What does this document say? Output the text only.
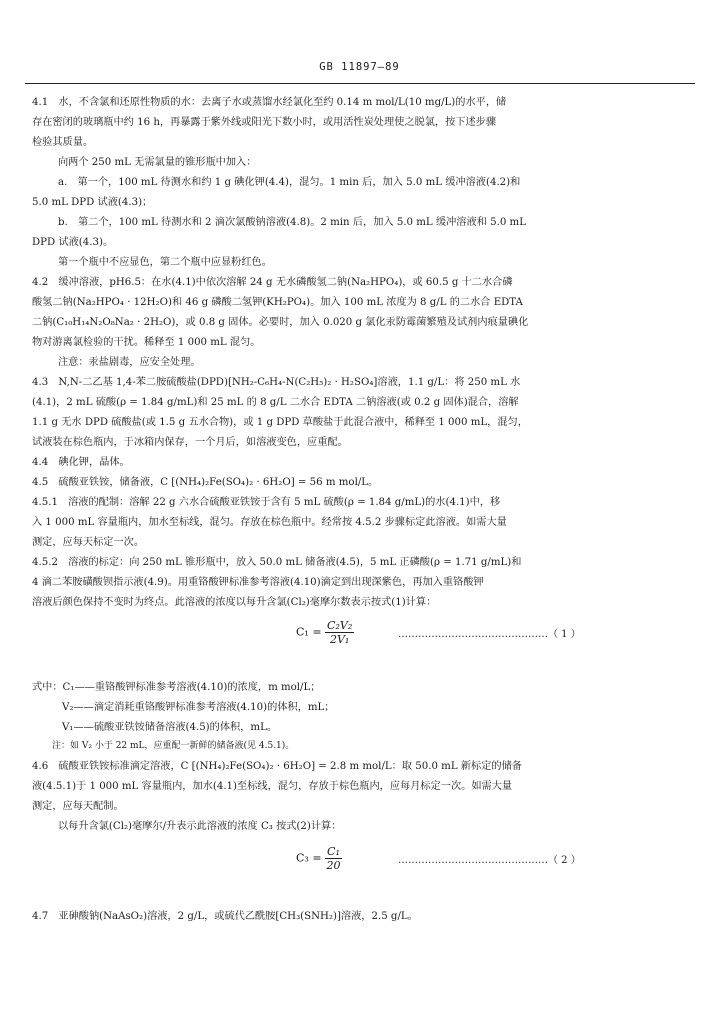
GB 11897—89
4.1　水，不含氯和还原性物质的水：去离子水或蒸馏水经氯化至约 0.14 m mol/L(10 mg/L)的水平，储
存在密闭的玻璃瓶中约 16 h，再暴露于紫外线或阳光下数小时，或用活性炭处理使之脱氯，按下述步骤
检验其质量。
向两个 250 mL 无需氯量的锥形瓶中加入：
a.　第一个，100 mL 待测水和约 1 g 碘化钾(4.4)，混匀。1 min 后，加入 5.0 mL 缓冲溶液(4.2)和
5.0 mL DPD 试液(4.3)；
b.　第二个，100 mL 待测水和 2 滴次氯酸钠溶液(4.8)。2 min 后，加入 5.0 mL 缓冲溶液和 5.0 mL
DPD 试液(4.3)。
第一个瓶中不应显色，第二个瓶中应显粉红色。
4.2　缓冲溶液，pH6.5：在水(4.1)中依次溶解 24 g 无水磷酸氢二钠(Na₂HPO₄)，或 60.5 g 十二水合磷
酸氢二钠(Na₂HPO₄ · 12H₂O)和 46 g 磷酸二氢钾(KH₂PO₄)。加入 100 mL 浓度为 8 g/L 的二水合 EDTA
二钠(C₁₀H₁₄N₂O₈Na₂ · 2H₂O)，或 0.8 g 固体。必要时，加入 0.020 g 氯化汞防霉菌繁殖及试剂内痕量碘化
物对游离氯检验的干扰。稀释至 1 000 mL 混匀。
注意：汞盐剧毒，应安全处理。
4.3　N,N-二乙基 1,4-苯二胺硫酸盐(DPD)[NH₂-C₆H₄-N(C₂H₅)₂ · H₂SO₄]溶液，1.1 g/L：将 250 mL 水
(4.1)，2 mL 硫酸(ρ = 1.84 g/mL)和 25 mL 的 8 g/L 二水合 EDTA 二钠溶液(或 0.2 g 固体)混合，溶解
1.1 g 无水 DPD 硫酸盐(或 1.5 g 五水合物)，或 1 g DPD 草酸盐于此混合液中，稀释至 1 000 mL，混匀，
试液装在棕色瓶内，于冰箱内保存，一个月后，如溶液变色，应重配。
4.4　碘化钾，晶体。
4.5　硫酸亚铁铵，储备液，C [(NH₄)₂Fe(SO₄)₂ · 6H₂O] = 56 m mol/L。
4.5.1　溶液的配制：溶解 22 g 六水合硫酸亚铁铵于含有 5 mL 硫酸(ρ = 1.84 g/mL)的水(4.1)中，移
入 1 000 mL 容量瓶内，加水至标线，混匀。存放在棕色瓶中。经常按 4.5.2 步骤标定此溶液。如需大量
测定，应每天标定一次。
4.5.2　溶液的标定：向 250 mL 锥形瓶中，放入 50.0 mL 储备液(4.5)，5 mL 正磷酸(ρ = 1.71 g/mL)和
4 滴二苯胺磺酸钡指示液(4.9)。用重铬酸钾标准参考溶液(4.10)滴定到出现深紫色，再加入重铬酸钾
溶液后颜色保持不变时为终点。此溶液的浓度以每升含氯(Cl₂)毫摩尔数表示按式(1)计算：
式中：C₁——重铬酸钾标准参考溶液(4.10)的浓度，m mol/L；
V₂——滴定消耗重铬酸钾标准参考溶液(4.10)的体积，mL；
V₁——硫酸亚铁铵储备溶液(4.5)的体积，mL。
注：如 V₂ 小于 22 mL，应重配一新鲜的储备液(见 4.5.1)。
4.6　硫酸亚铁铵标准滴定溶液，C [(NH₄)₂Fe(SO₄)₂ · 6H₂O] = 2.8 m mol/L：取 50.0 mL 新标定的储备
液(4.5.1)于 1 000 mL 容量瓶内，加水(4.1)至标线，混匀，存放于棕色瓶内，应每月标定一次。如需大量
测定，应每天配制。
以每升含氯(Cl₂)毫摩尔/升表示此溶液的浓度 C₃ 按式(2)计算：
4.7　亚砷酸钠(NaAsO₂)溶液，2 g/L，或硫代乙酰胺[CH₃(SNH₂)]溶液，2.5 g/L。
$C_1 = \frac{\text{C₂V₂}}{\text{2V₁}}$	………………………………………（ 1 ）
$C_3 = \frac{\text{C₁}}{20}$	………………………………………（ 2 ）
